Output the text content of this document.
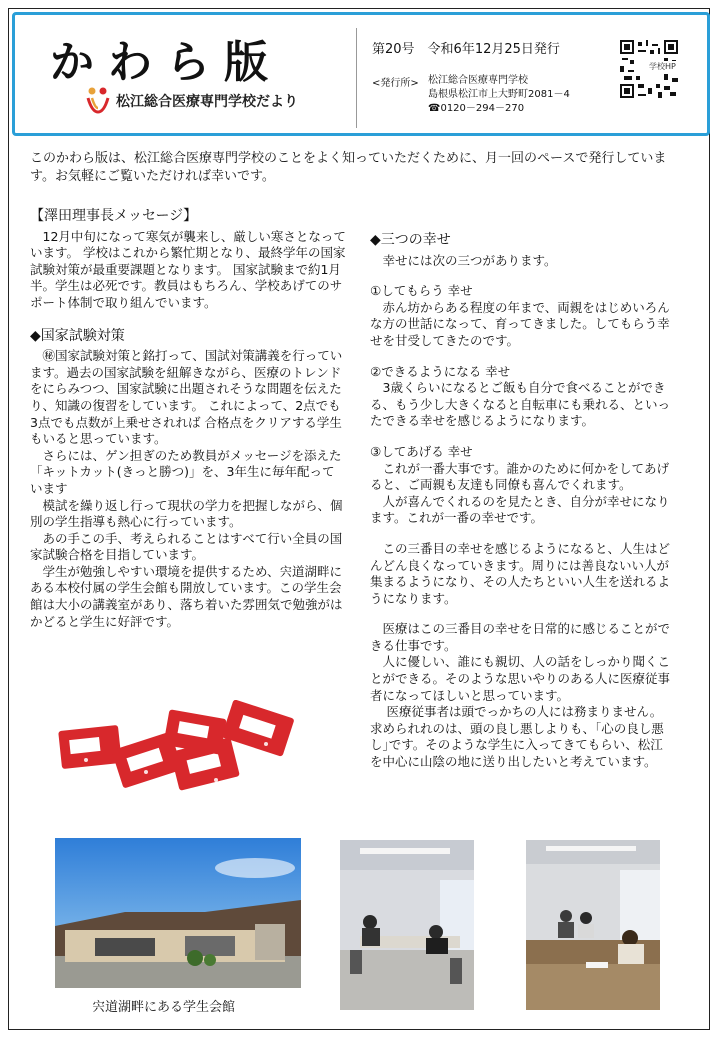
かわら版
松江総合医療専門学校だより
第20号　令和6年12月25日発行
<発行所> 松江総合医療専門学校
島根県松江市上大野町2081－4
☎0120－294－270
学校HP
このかわら版は、松江総合医療専門学校のことをよく知っていただくために、月一回のペースで発行しています。お気軽にご覧いただければ幸いです。
【澤田理事長メッセージ】

　12月中旬になって寒気が襲来し、厳しい寒さとなっています。 学校はこれから繁忙期となり、最終学年の国家試験対策が最重要課題となります。 国家試験まで約1月半。学生は必死です。教員はもちろん、学校あげてのサポート体制で取り組んでいます。

◆国家試験対策

　㊙国家試験対策と銘打って、国試対策講義を行っています。過去の国家試験を紐解きながら、医療のトレンドをにらみつつ、国家試験に出題されそうな問題を伝えたり、知識の復習をしています。 これによって、2点でも3点でも点数が上乗せされれば 合格点をクリアする学生もいると思っています。

　さらには、ゲン担ぎのため教員がメッセージを添えた「キットカット(きっと勝つ)」を、3年生に毎年配っています

　模試を繰り返し行って現状の学力を把握しながら、個別の学生指導も熱心に行っています。

　あの手この手、考えられることはすべて行い全員の国家試験合格を目指しています。

　学生が勉強しやすい環境を提供するため、宍道湖畔にある本校付属の学生会館も開放しています。この学生会館は大小の講義室があり、落ち着いた雰囲気で勉強がはかどると学生に好評です。

◆三つの幸せ

　幸せには次の三つがあります。

①してもらう 幸せ

　赤ん坊からある程度の年まで、両親をはじめいろんな方の世話になって、育ってきました。してもらう幸せを甘受してきたのです。

②できるようになる 幸せ

　3歳くらいになるとご飯も自分で食べることができる、もう少し大きくなると自転車にも乗れる、といったできる幸せを感じるようになります。

③してあげる 幸せ

　これが一番大事です。誰かのために何かをしてあげると、ご両親も友達も同僚も喜んでくれます。
　人が喜んでくれるのを見たとき、自分が幸せになります。これが一番の幸せです。

　この三番目の幸せを感じるようになると、人生はどんどん良くなっていきます。周りには善良ないい人が集まるようになり、その人たちといい人生を送れるようになります。

　医療はこの三番目の幸せを日常的に感じることができる仕事です。
　人に優しい、誰にも親切、人の話をしっかり聞くことができる。そのような思いやりのある人に医療従事者になってほしいと思っています。
　 医療従事者は頭でっかちの人には務まりません。求められれのは、頭の良し悪しよりも、｢心の良し悪し｣です。そのような学生に入ってきてもらい、松江を中心に山陰の地に送り出したいと考えています。

宍道湖畔にある学生会館
